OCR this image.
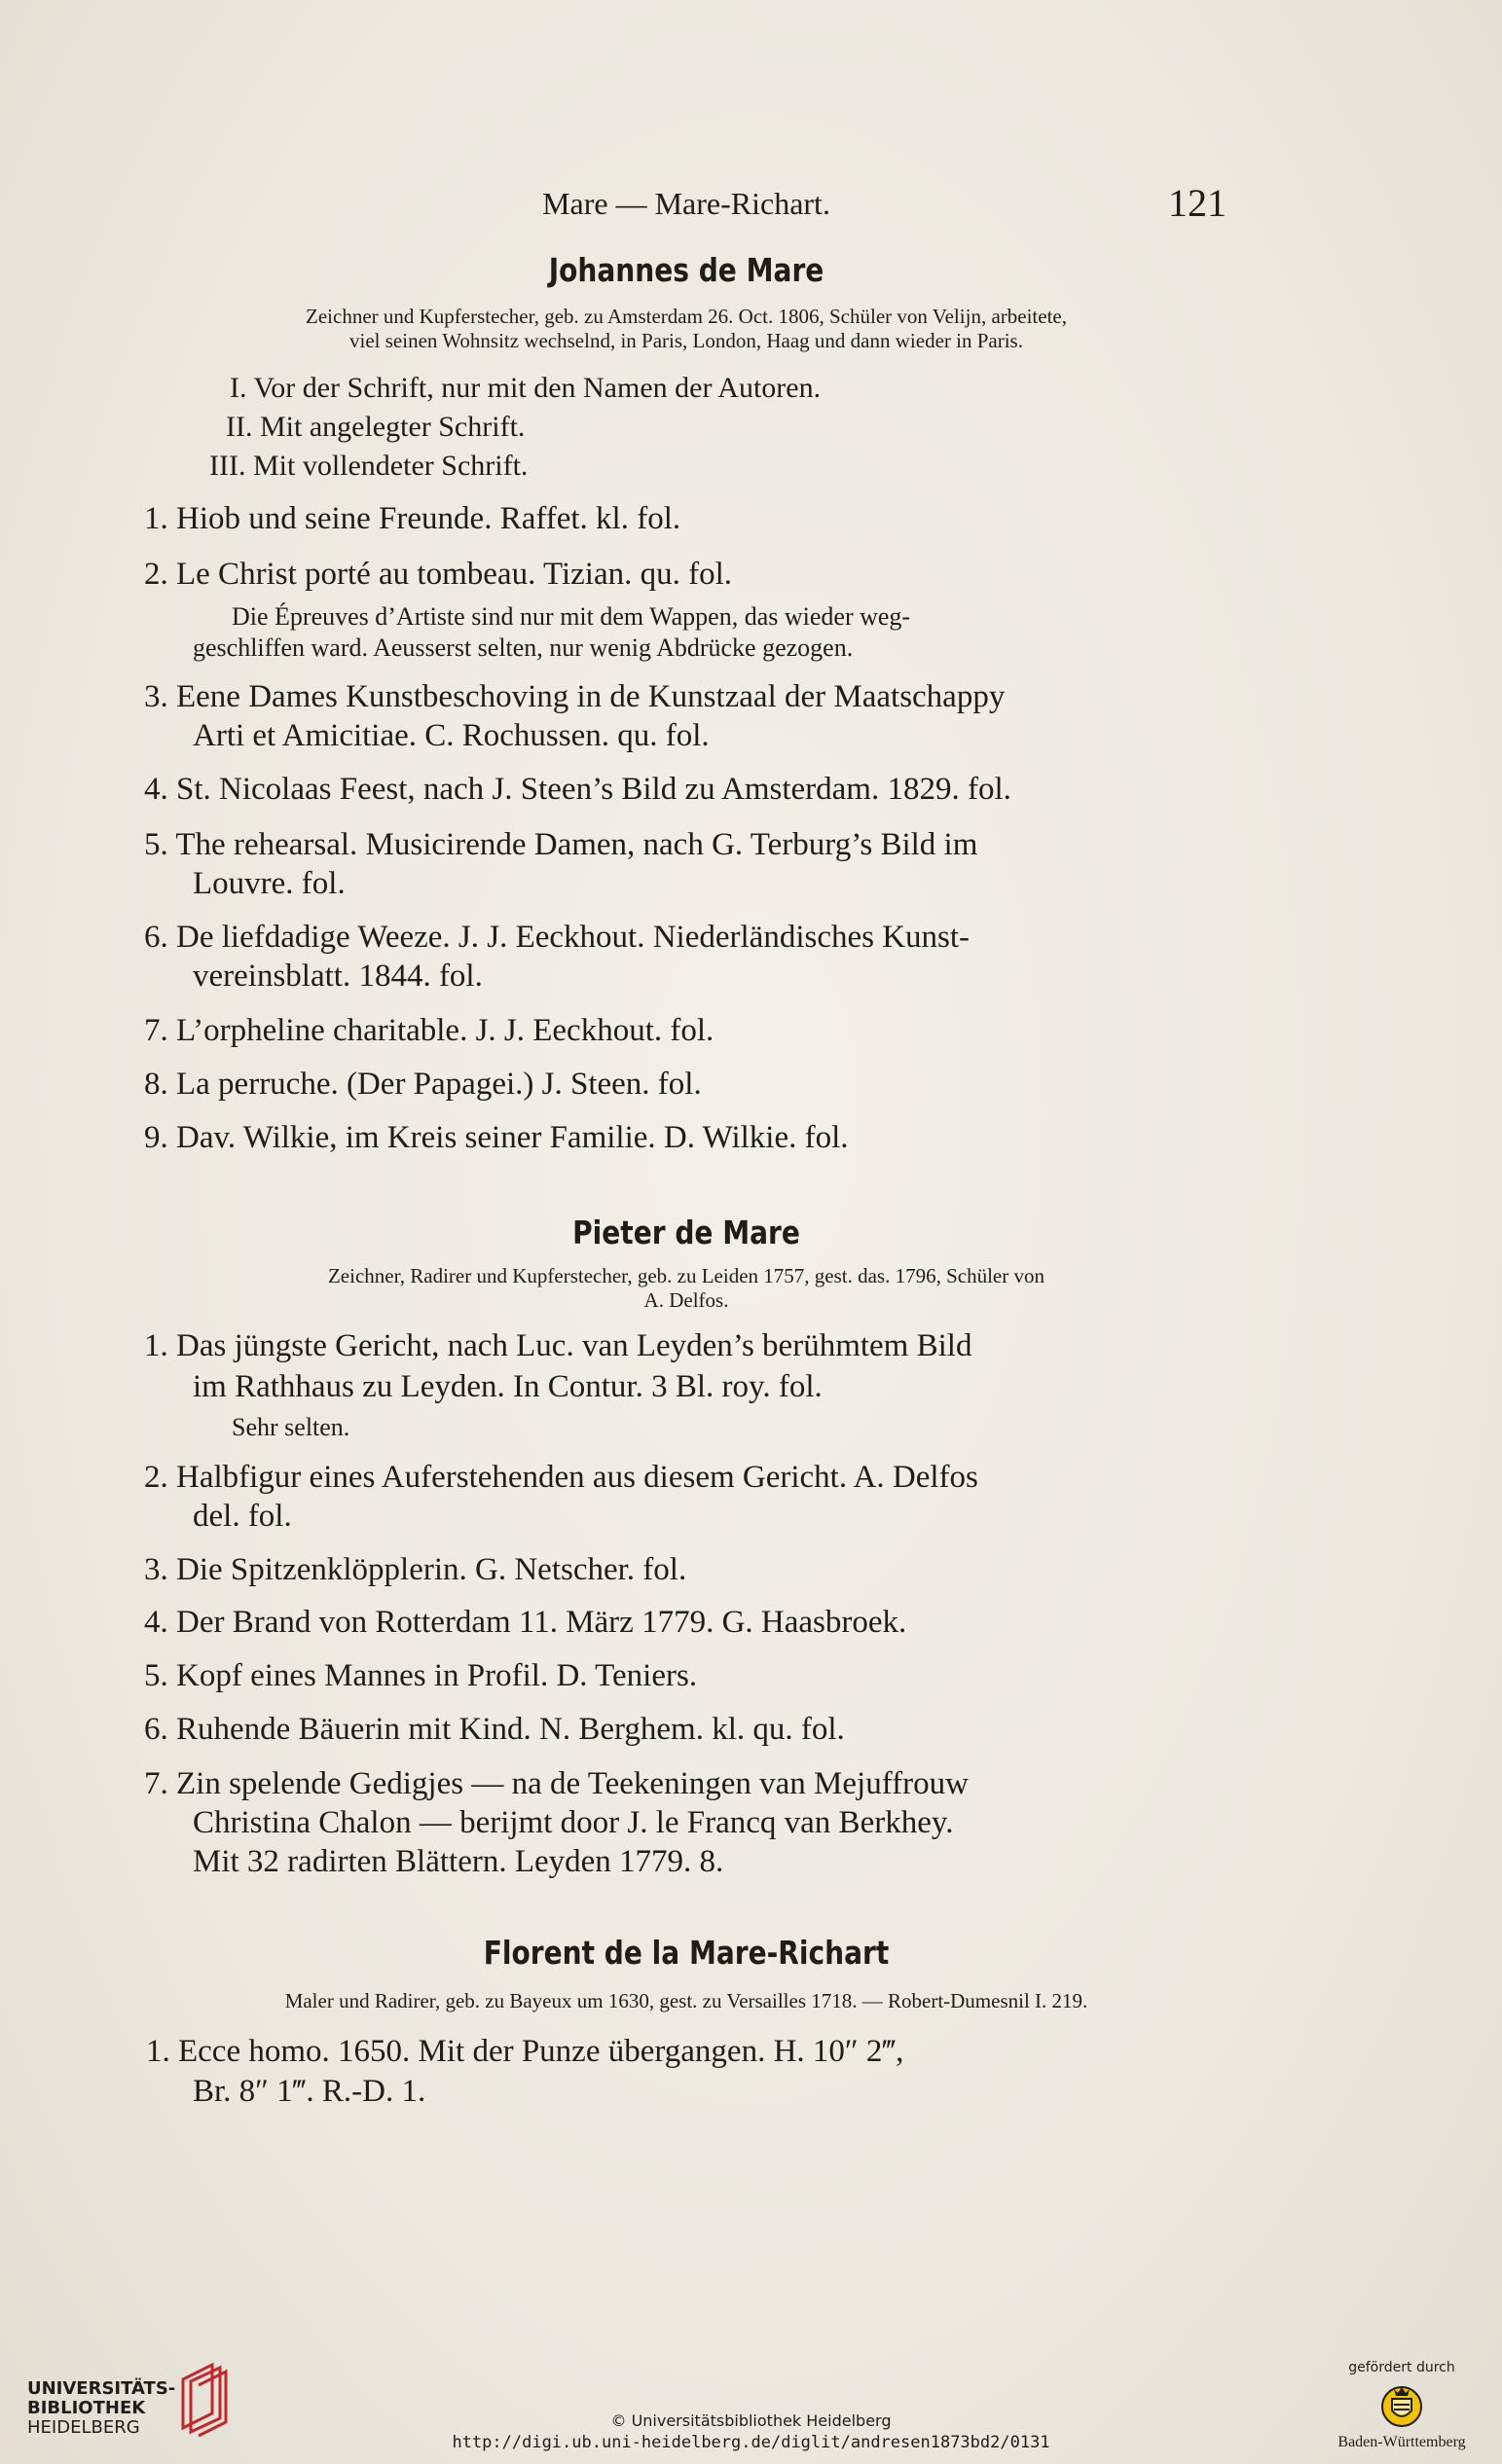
Mare — Mare-Richart.	121
Johannes de Mare
Zeichner und Kupferstecher, geb. zu Amsterdam 26. Oct. 1806, Schüler von Velijn, arbeitete,
viel seinen Wohnsitz wechselnd, in Paris, London, Haag und dann wieder in Paris.
I. Vor der Schrift, nur mit den Namen der Autoren.
II. Mit angelegter Schrift.
III. Mit vollendeter Schrift.
1. Hiob und seine Freunde. Raffet. kl. fol.
2. Le Christ porté au tombeau. Tizian. qu. fol.
Die Épreuves d’Artiste sind nur mit dem Wappen, das wieder weg-
geschliffen ward. Aeusserst selten, nur wenig Abdrücke gezogen.
3. Eene Dames Kunstbeschoving in de Kunstzaal der Maatschappy
Arti et Amicitiae. C. Rochussen. qu. fol.
4. St. Nicolaas Feest, nach J. Steen’s Bild zu Amsterdam. 1829. fol.
5. The rehearsal. Musicirende Damen, nach G. Terburg’s Bild im
Louvre. fol.
6. De liefdadige Weeze. J. J. Eeckhout. Niederländisches Kunst-
vereinsblatt. 1844. fol.
7. L’orpheline charitable. J. J. Eeckhout. fol.
8. La perruche. (Der Papagei.) J. Steen. fol.
9. Dav. Wilkie, im Kreis seiner Familie. D. Wilkie. fol.
Pieter de Mare
Zeichner, Radirer und Kupferstecher, geb. zu Leiden 1757, gest. das. 1796, Schüler von
A. Delfos.
1. Das jüngste Gericht, nach Luc. van Leyden’s berühmtem Bild
im Rathhaus zu Leyden. In Contur. 3 Bl. roy. fol.
Sehr selten.
2. Halbfigur eines Auferstehenden aus diesem Gericht. A. Delfos
del. fol.
3. Die Spitzenklöpplerin. G. Netscher. fol.
4. Der Brand von Rotterdam 11. März 1779. G. Haasbroek.
5. Kopf eines Mannes in Profil. D. Teniers.
6. Ruhende Bäuerin mit Kind. N. Berghem. kl. qu. fol.
7. Zin spelende Gedigjes — na de Teekeningen van Mejuffrouw
Christina Chalon — berijmt door J. le Francq van Berkhey.
Mit 32 radirten Blättern. Leyden 1779. 8.
Florent de la Mare-Richart
Maler und Radirer, geb. zu Bayeux um 1630, gest. zu Versailles 1718. — Robert-Dumesnil I. 219.
1. Ecce homo. 1650. Mit der Punze übergangen. H. 10″ 2‴,
Br. 8″ 1‴. R.-D. 1.
UNIVERSITÄTS-
BIBLIOTHEK
HEIDELBERG	© Universitätsbibliothek Heidelberg
http://digi.ub.uni-heidelberg.de/diglit/andresen1873bd2/0131
gefördert durch
Baden-Württemberg
